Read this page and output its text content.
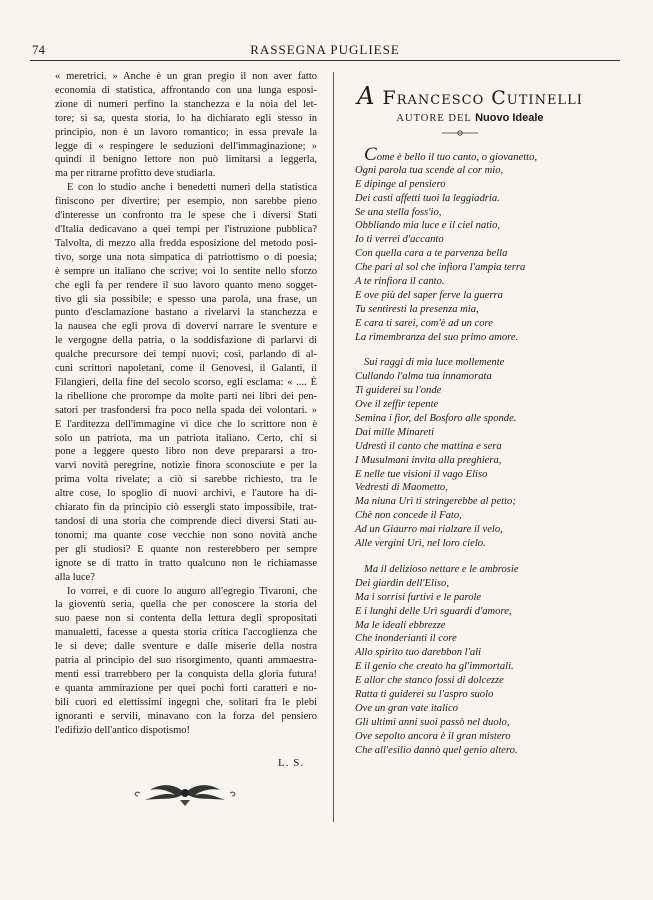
74	RASSEGNA PUGLIESE

« meretrici. » Anche è un gran pregio il non aver fatto
economia di statistica, affrontando con una lunga esposi-
zione di numeri perfino la stanchezza e la noia del let-
tore; sì sa, questa storia, lo ha dichiarato egli stesso in
principio, non è un lavoro romantico; in essa prevale la
legge di « respingere le seduzioni dell'immaginazione; »
quindi il benigno lettore non può limitarsi a leggerla,
ma per ritrarne profitto deve studiarla.

E con lo studio anche i benedetti numeri della statistica
finiscono per divertire; per esempio, non sarebbe pieno
d'interesse un confronto tra le spese che i diversi Stati
d'Italia dedicavano a quei tempi per l'istruzione pubblica?
Talvolta, di mezzo alla fredda esposizione del metodo posi-
tivo, sorge una nota simpatica di patriottismo o di poesia;
è sempre un italiano che scrive; voi lo sentite nello sforzo
che egli fa per rendere il suo lavoro quanto meno sogget-
tivo gli sia possibile; e spesso una parola, una frase, un
punto d'esclamazione bastano a rivelarvi la stanchezza e
la nausea che egli prova di dovervi narrare le sventure e
le vergogne della patria, o la soddisfazione di parlarvi di
qualche precursore dei tempi nuovi; così, parlando di al-
cuni scrittori napoletani, come il Genovesi, il Galanti, il
Filangieri, della fine del secolo scorso, egli esclama: « .... È
la ribellione che prorompe da molte parti nei libri dei pen-
satori per trasfondersi fra poco nella spada dei volontari. »
E l'arditezza dell'immagine vi dice che lo scrittore non è
solo un patriota, ma un patriota italiano. Certo, chi si
pone a leggere questo libro non deve prepararsi a tro-
varvi novità peregrine, notizie finora sconosciute e per la
prima volta rivelate; a ciò si sarebbe richiesto, tra le
altre cose, lo spoglio di nuovi archivi, e l'autore ha di-
chiarato fin da principio ciò essergli stato impossibile, trat-
tandosi di una storia che comprende dieci diversi Stati au-
tonomi; ma quante cose vecchie non sono novità anche
per gli studiosi? E quante non resterebbero per sempre
ignote se di tratto in tratto qualcuno non le richiamasse
alla luce?

Io vorrei, e di cuore lo auguro all'egregio Tivaroni, che
la gioventù seria, quella che per conoscere la storia del
suo paese non si contenta della lettura degli spropositati
manualetti, facesse a questa storia critica l'accoglienza che
le si deve; dalle sventure e dalle miserie della nostra
patria al principio del suo risorgimento, quanti ammaestra-
menti essi trarrebbero per la conquista della gloria futura!
e quanta ammirazione per quei pochi forti caratteri e no-
bili cuori ed elettissimi ingegni che, solitari fra le plebi
ignoranti e servili, minavano con la forza del pensiero
l'edifizio dell'antico dispotismo!

L. S.
A Francesco Cutinelli
AUTORE DEL Nuovo Ideale
Come è bello il tuo canto, o giovanetto,
Ogni parola tua scende al cor mio,
E dipinge al pensiero
Dei casti affetti tuoi la leggiadria.
Se una stella foss'io,
Obbliando mia luce e il ciel natio,
Io ti verrei d'accanto
Con quella cara a te parvenza bella
Che pari al sol che infiora l'ampia terra
A te rinfiora il canto.
E ove più del saper ferve la guerra
Tu sentiresti la presenza mia,
E cara ti sarei, com'è ad un core
La rimembranza del suo primo amore.
Sui raggi di mia luce mollemente
Cullando l'alma tua innamorata
Ti guiderei su l'onde
Ove il zeffir tepente
Semina i fior, del Bosforo alle sponde.
Dai mille Minareti
Udresti il canto che mattina e sera
I Musulmani invita alla preghiera,
E nelle tue visioni il vago Eliso
Vedresti di Maometto,
Ma niuna Urì ti stringerebbe al petto;
Chè non concede il Fato,
Ad un Giaurro mai rialzare il velo,
Alle vergini Urì, nel loro cielo.
Ma il delizioso nettare e le ambrosie
Dei giardin dell'Eliso,
Ma i sorrisi furtivi e le parole
E i lunghi delle Urì sguardi d'amore,
Ma le ideali ebbrezze
Che inonderianti il core
Allo spirito tuo darebbon l'ali
E il genio che creato ha gl'immortali.
E allor che stanco fossi di dolcezze
Ratta ti guiderei su l'aspro suolo
Ove un gran vate italico
Gli ultimi anni suoi passò nel duolo,
Ove sepolto ancora è il gran mistero
Che all'esilio dannò quel genio altero.
